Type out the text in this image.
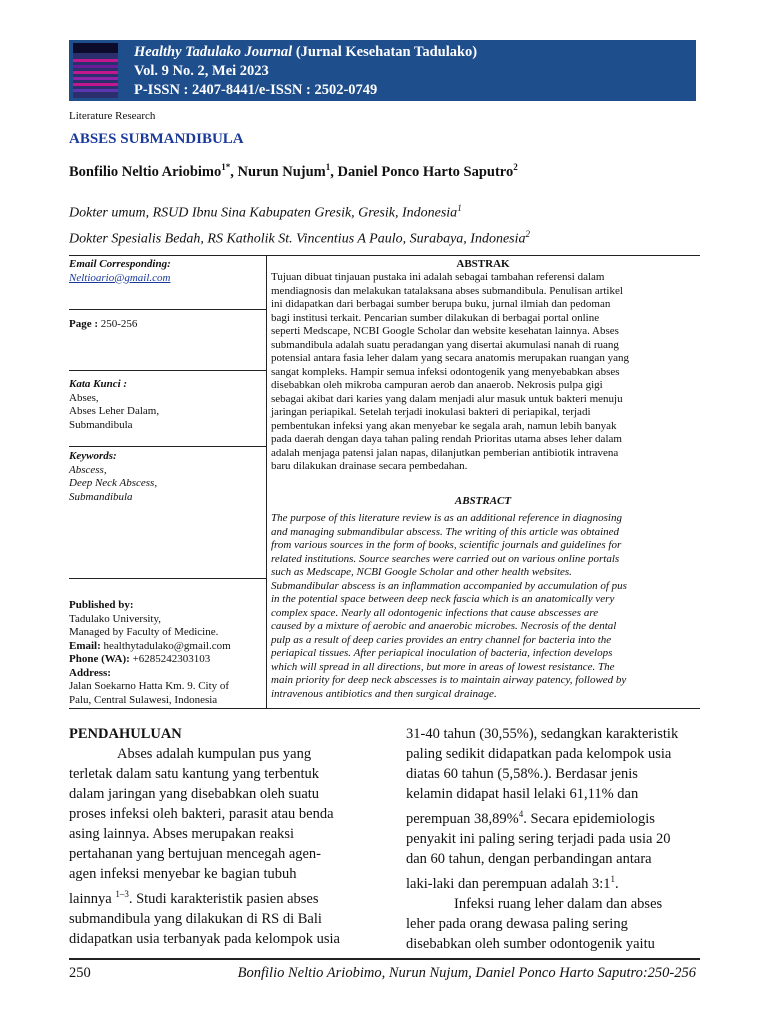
Healthy Tadulako Journal (Jurnal Kesehatan Tadulako)
Vol. 9 No. 2, Mei 2023
P-ISSN : 2407-8441/e-ISSN : 2502-0749
Literature Research
ABSES SUBMANDIBULA
Bonfilio Neltio Ariobimo$^{1*}$, Nurun Nujum$^1$, Daniel Ponco Harto Saputro$^2$
Dokter umum, RSUD Ibnu Sina Kabupaten Gresik, Gresik, Indonesia$^1$
Dokter Spesialis Bedah, RS Katholik St. Vincentius A Paulo, Surabaya, Indonesia$^2$
Email Corresponding:
Neltioario@gmail.com
Page : 250-256
Kata Kunci :
Abses,
Abses Leher Dalam,
Submandibula
Keywords:
Abscess,
Deep Neck Abscess,
Submandibula
Published by:
Tadulako University,
Managed by Faculty of Medicine.
Email: healthytadulako@gmail.com
Phone (WA): +6285242303103
Address:
Jalan Soekarno Hatta Km. 9. City of
Palu, Central Sulawesi, Indonesia
ABSTRAK
Tujuan dibuat tinjauan pustaka ini adalah sebagai tambahan referensi dalam
mendiagnosis dan melakukan tatalaksana abses submandibula. Penulisan artikel
ini didapatkan dari berbagai sumber berupa buku, jurnal ilmiah dan pedoman
bagi institusi terkait. Pencarian sumber dilakukan di berbagai portal online
seperti Medscape, NCBI Google Scholar dan website kesehatan lainnya. Abses
submandibula adalah suatu peradangan yang disertai akumulasi nanah di ruang
potensial antara fasia leher dalam yang secara anatomis merupakan ruangan yang
sangat kompleks. Hampir semua infeksi odontogenik yang menyebabkan abses
disebabkan oleh mikroba campuran aerob dan anaerob. Nekrosis pulpa gigi
sebagai akibat dari karies yang dalam menjadi alur masuk untuk bakteri menuju
jaringan periapikal. Setelah terjadi inokulasi bakteri di periapikal, terjadi
pembentukan infeksi yang akan menyebar ke segala arah, namun lebih banyak
pada daerah dengan daya tahan paling rendah Prioritas utama abses leher dalam
adalah menjaga patensi jalan napas, dilanjutkan pemberian antibiotik intravena
baru dilakukan drainase secara pembedahan.
ABSTRACT
The purpose of this literature review is as an additional reference in diagnosing
and managing submandibular abscess. The writing of this article was obtained
from various sources in the form of books, scientific journals and guidelines for
related institutions. Source searches were carried out on various online portals
such as Medscape, NCBI Google Scholar and other health websites.
Submandibular abscess is an inflammation accompanied by accumulation of pus
in the potential space between deep neck fascia which is an anatomically very
complex space. Nearly all odontogenic infections that cause abscesses are
caused by a mixture of aerobic and anaerobic microbes. Necrosis of the dental
pulp as a result of deep caries provides an entry channel for bacteria into the
periapical tissues. After periapical inoculation of bacteria, infection develops
which will spread in all directions, but more in areas of lowest resistance. The
main priority for deep neck abscesses is to maintain airway patency, followed by
intravenous antibiotics and then surgical drainage.

PENDAHULUAN

Abses adalah kumpulan pus yang

terletak dalam satu kantung yang terbentuk

dalam jaringan yang disebabkan oleh suatu

proses infeksi oleh bakteri, parasit atau benda

asing lainnya. Abses merupakan reaksi

pertahanan yang bertujuan mencegah agen-

agen infeksi menyebar ke bagian tubuh

lainnya $^{1-3}$. Studi karakteristik pasien abses

submandibula yang dilakukan di RS di Bali

didapatkan usia terbanyak pada kelompok usia

31-40 tahun (30,55%), sedangkan karakteristik

paling sedikit didapatkan pada kelompok usia

diatas 60 tahun (5,58%.). Berdasar jenis

kelamin didapat hasil lelaki 61,11% dan

perempuan 38,89%$^4$. Secara epidemiologis

penyakit ini paling sering terjadi pada usia 20

dan 60 tahun, dengan perbandingan antara

laki-laki dan perempuan adalah $3:1^1$.

Infeksi ruang leher dalam dan abses

leher pada orang dewasa paling sering

disebabkan oleh sumber odontogenik yaitu

250	Bonfilio Neltio Ariobimo, Nurun Nujum, Daniel Ponco Harto Saputro:250-256
